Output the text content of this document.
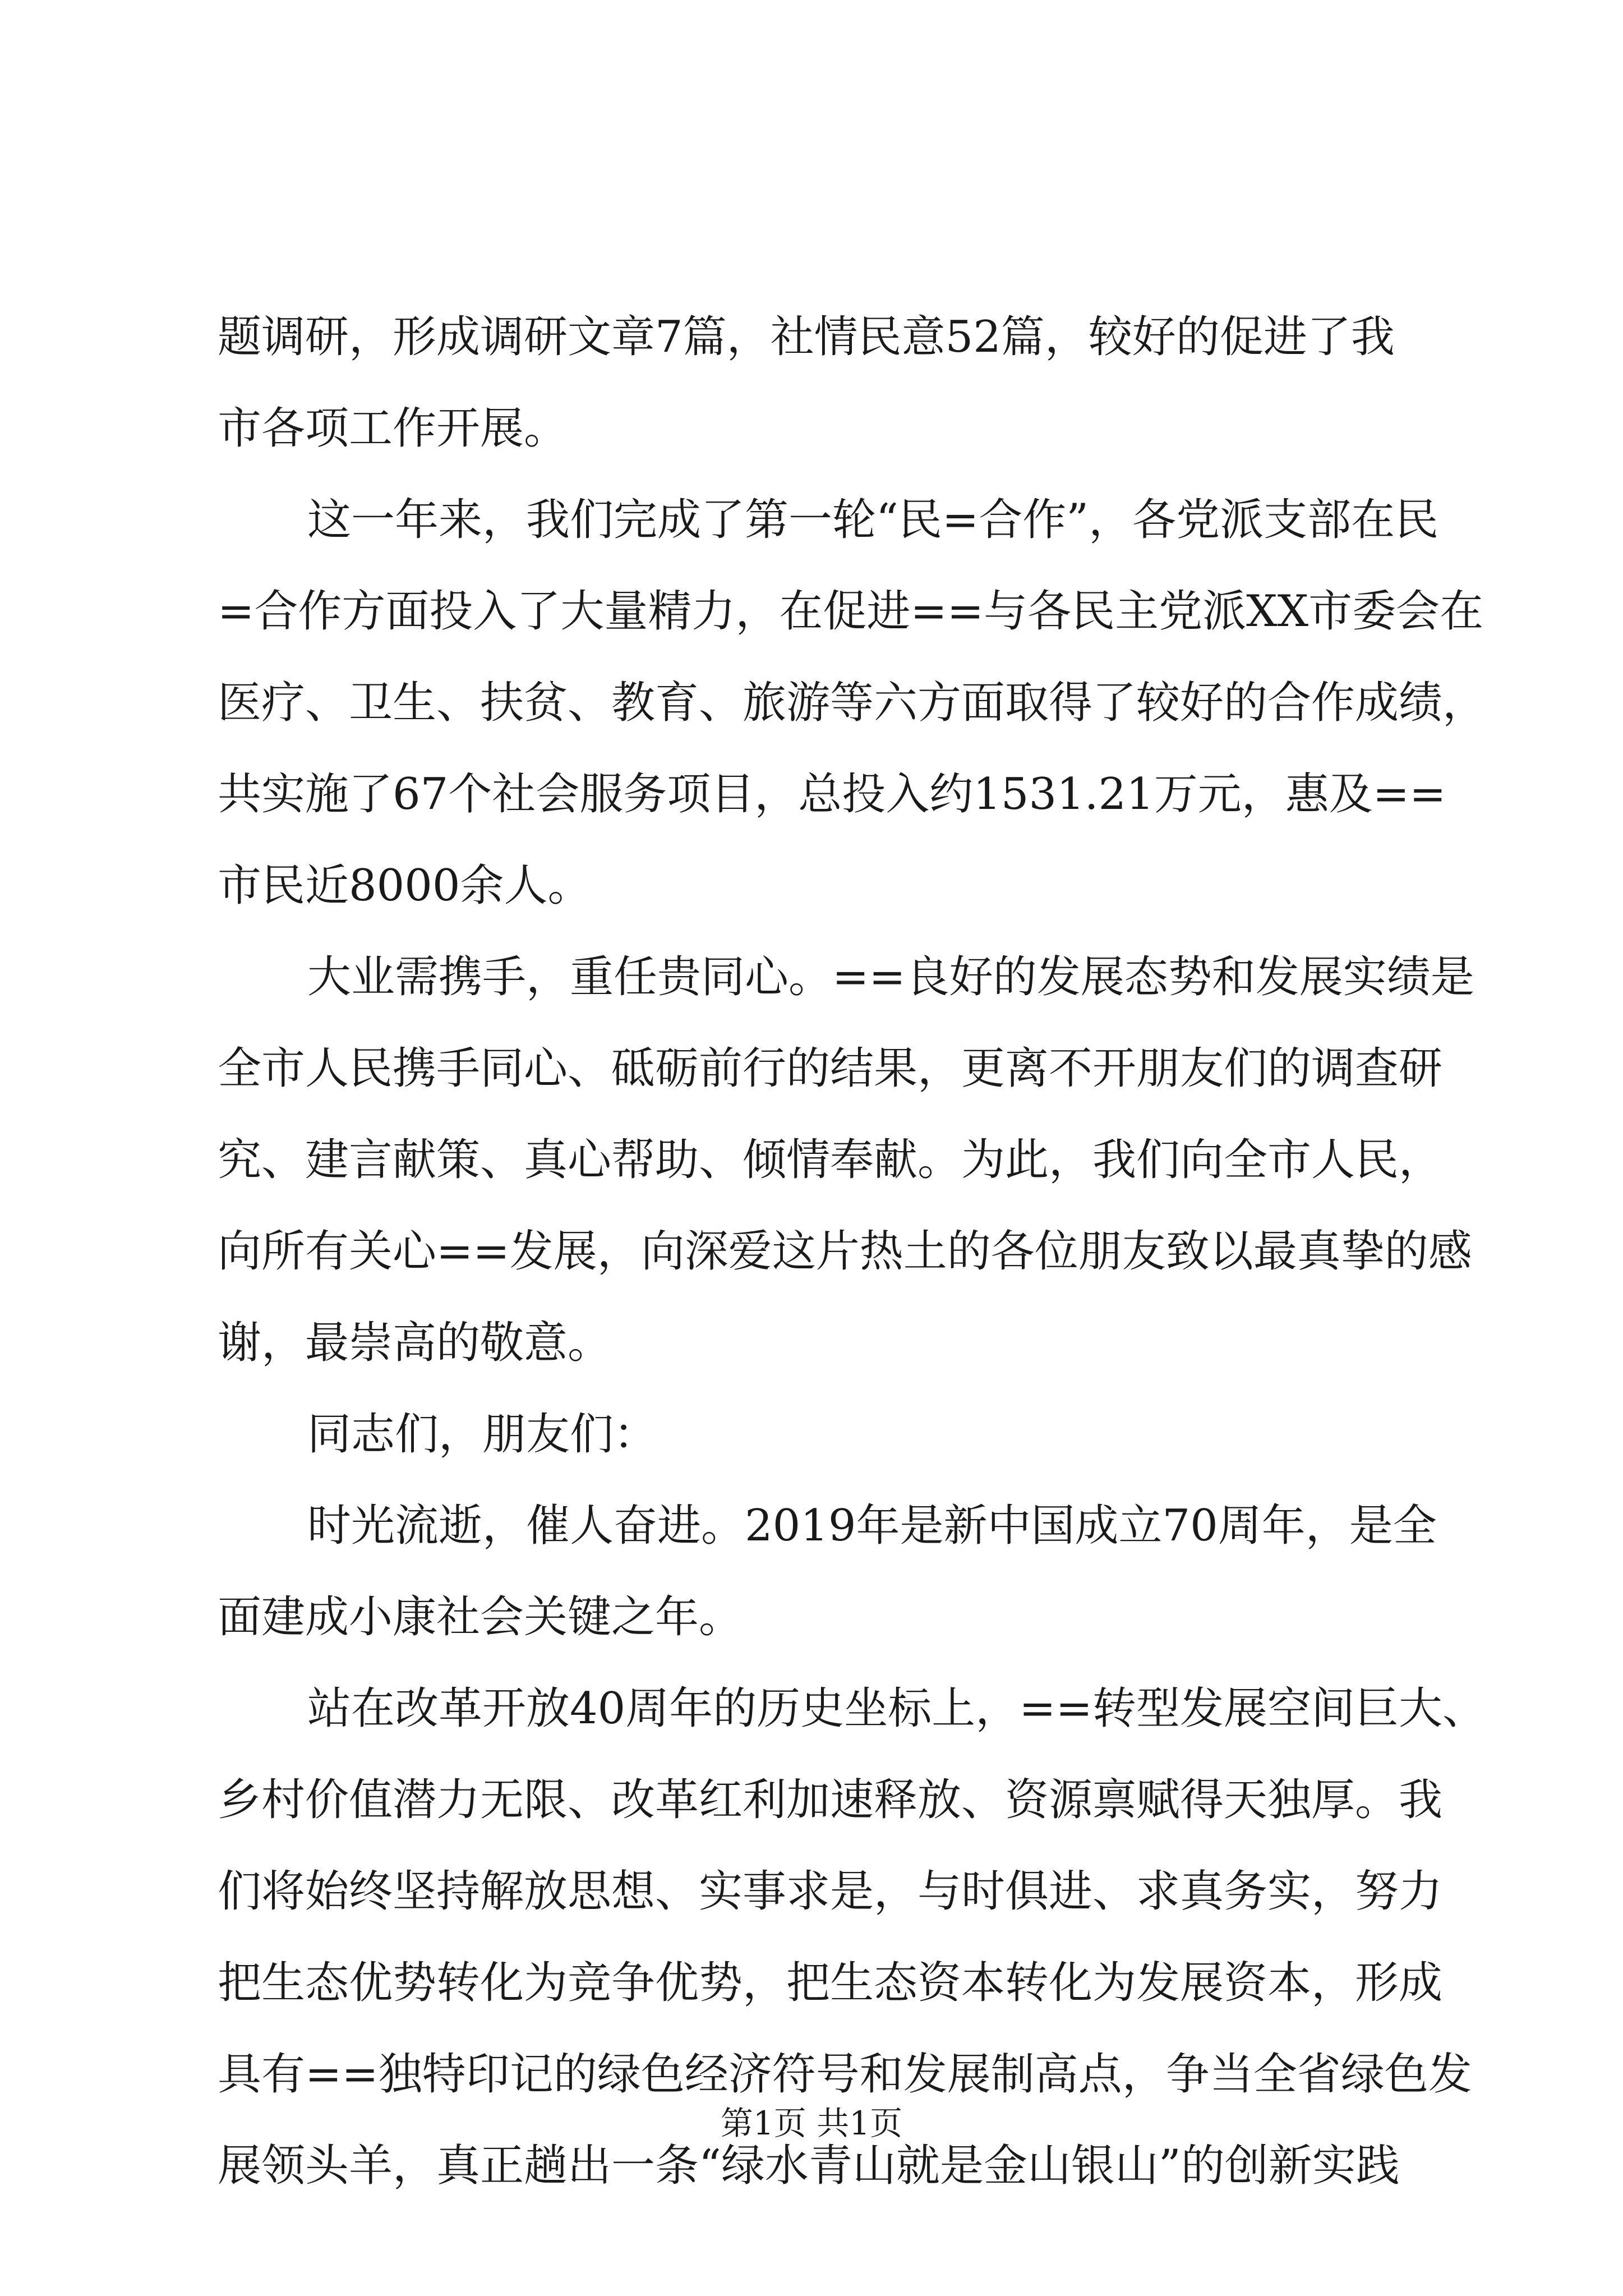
题调研，形成调研文章7篇，社情民意52篇，较好的促进了我
市各项工作开展。
这一年来，我们完成了第一轮“民=合作”，各党派支部在民
=合作方面投入了大量精力，在促进==与各民主党派XX市委会在
医疗、卫生、扶贫、教育、旅游等六方面取得了较好的合作成绩，
共实施了67个社会服务项目，总投入约1531.21万元，惠及==
市民近8000余人。
大业需携手，重任贵同心。==良好的发展态势和发展实绩是
全市人民携手同心、砥砺前行的结果，更离不开朋友们的调查研
究、建言献策、真心帮助、倾情奉献。为此，我们向全市人民，
向所有关心==发展，向深爱这片热土的各位朋友致以最真挚的感
谢，最崇高的敬意。
同志们，朋友们：
时光流逝，催人奋进。2019年是新中国成立70周年，是全
面建成小康社会关键之年。
站在改革开放40周年的历史坐标上，==转型发展空间巨大、
乡村价值潜力无限、改革红利加速释放、资源禀赋得天独厚。我
们将始终坚持解放思想、实事求是，与时俱进、求真务实，努力
把生态优势转化为竞争优势，把生态资本转化为发展资本，形成
具有==独特印记的绿色经济符号和发展制高点，争当全省绿色发
展领头羊，真正趟出一条“绿水青山就是金山银山”的创新实践
第1页 共1页
